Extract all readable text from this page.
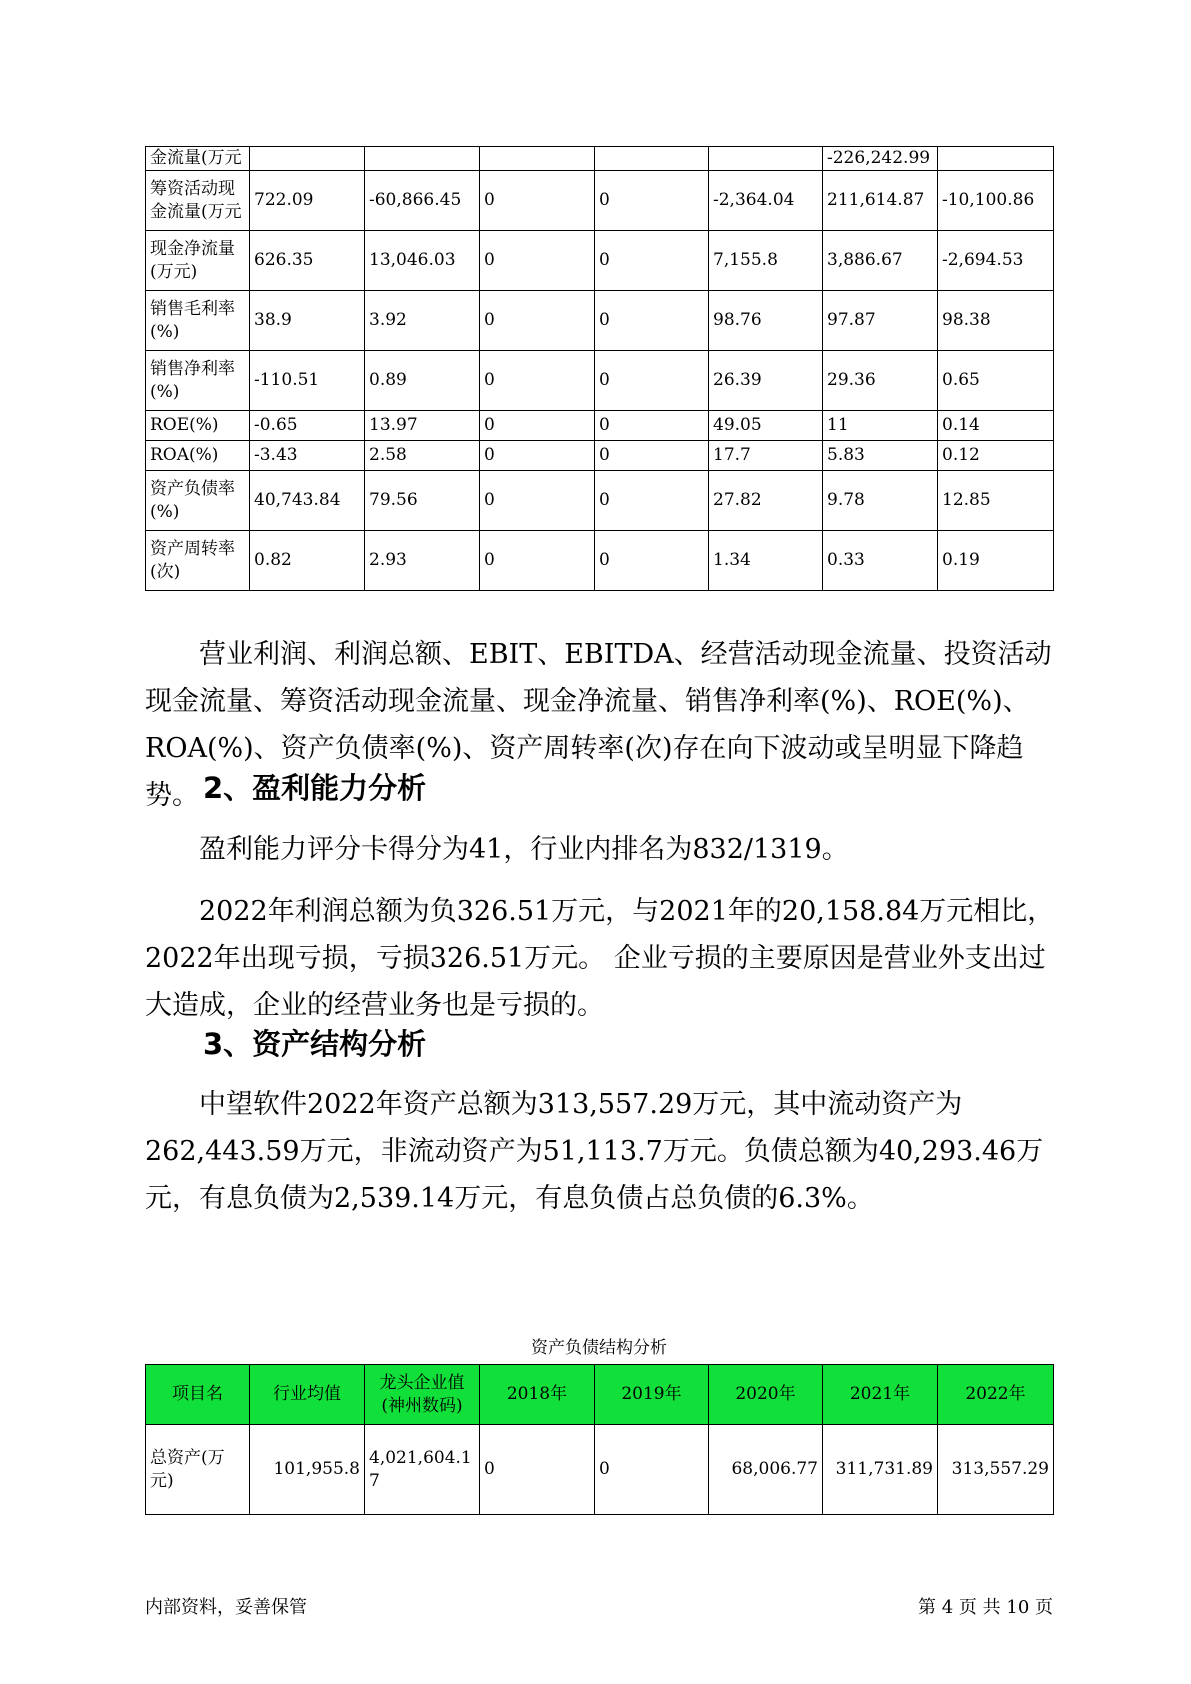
金流量(万元						-226,242.99	
筹资活动现金流量(万元	722.09	-60,866.45	0	0	-2,364.04	211,614.87	-10,100.86
现金净流量(万元)	626.35	13,046.03	0	0	7,155.8	3,886.67	-2,694.53
销售毛利率(%)	38.9	3.92	0	0	98.76	97.87	98.38
销售净利率(%)	-110.51	0.89	0	0	26.39	29.36	0.65
ROE(%)	-0.65	13.97	0	0	49.05	11	0.14
ROA(%)	-3.43	2.58	0	0	17.7	5.83	0.12
资产负债率(%)	40,743.84	79.56	0	0	27.82	9.78	12.85
资产周转率(次)	0.82	2.93	0	0	1.34	0.33	0.19

营业利润、利润总额、EBIT、EBITDA、经营活动现金流量、投资活动现金流量、筹资活动现金流量、现金净流量、销售净利率(%)、ROE(%)、ROA(%)、资产负债率(%)、资产周转率(次)存在向下波动或呈明显下降趋势。 2、盈利能力分析

盈利能力评分卡得分为41，行业内排名为832/1319。

2022年利润总额为负326.51万元，与2021年的20,158.84万元相比，2022年出现亏损，亏损326.51万元。 企业亏损的主要原因是营业外支出过大造成，企业的经营业务也是亏损的。

3、资产结构分析

中望软件2022年资产总额为313,557.29万元，其中流动资产为262,443.59万元，非流动资产为51,113.7万元。负债总额为40,293.46万元，有息负债为2,539.14万元，有息负债占总负债的6.3%。

资产负债结构分析
项目名	行业均值	龙头企业值(神州数码)	2018年	2019年	2020年	2021年	2022年
总资产(万元)	101,955.8	4,021,604.17	0	0	68,006.77	311,731.89	313,557.29
内部资料，妥善保管	第 4 页 共 10 页
